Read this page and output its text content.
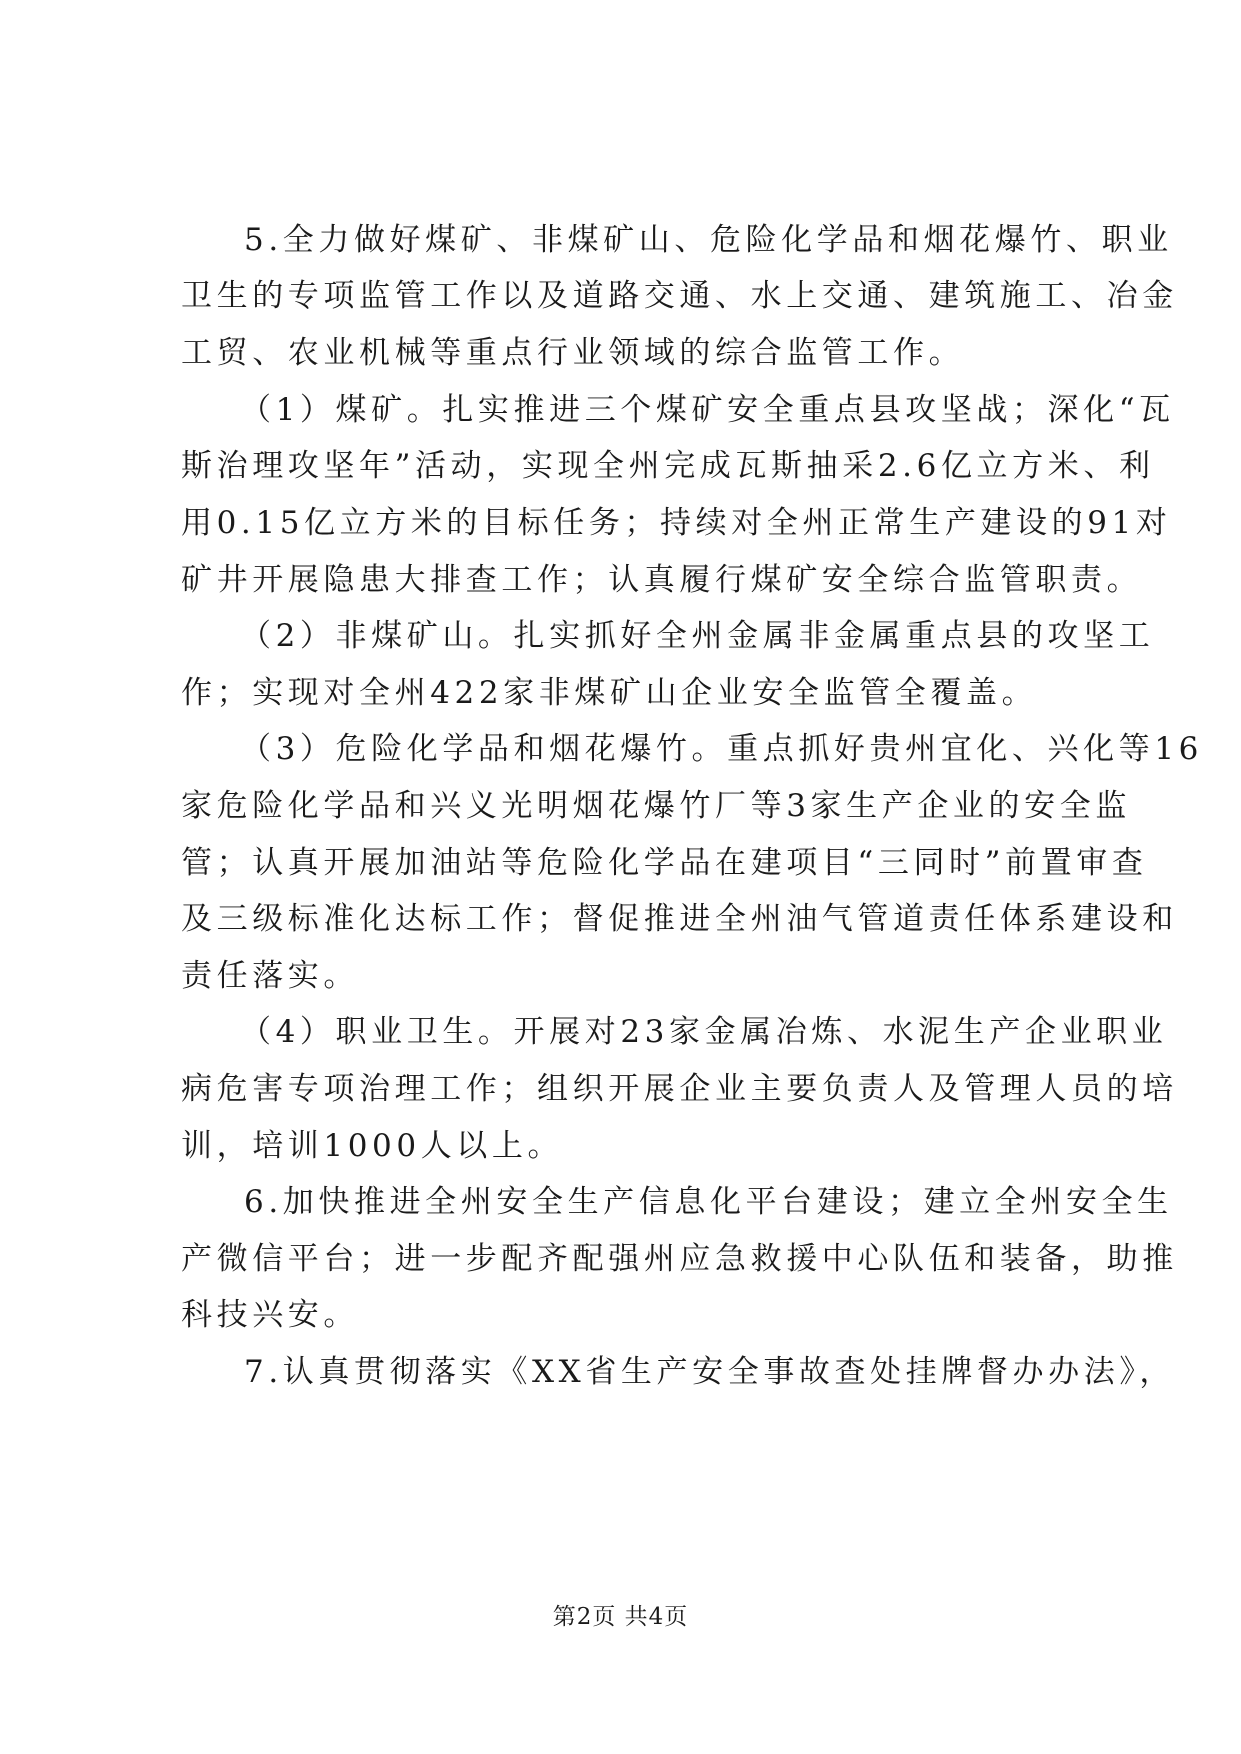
5.全力做好煤矿、非煤矿山、危险化学品和烟花爆竹、职业
卫生的专项监管工作以及道路交通、水上交通、建筑施工、冶金
工贸、农业机械等重点行业领域的综合监管工作。
（1）煤矿。扎实推进三个煤矿安全重点县攻坚战；深化“瓦
斯治理攻坚年”活动，实现全州完成瓦斯抽采2.6亿立方米、利
用0.15亿立方米的目标任务；持续对全州正常生产建设的91对
矿井开展隐患大排查工作；认真履行煤矿安全综合监管职责。
（2）非煤矿山。扎实抓好全州金属非金属重点县的攻坚工
作；实现对全州422家非煤矿山企业安全监管全覆盖。
（3）危险化学品和烟花爆竹。重点抓好贵州宜化、兴化等16
家危险化学品和兴义光明烟花爆竹厂等3家生产企业的安全监
管；认真开展加油站等危险化学品在建项目“三同时”前置审查
及三级标准化达标工作；督促推进全州油气管道责任体系建设和
责任落实。
（4）职业卫生。开展对23家金属冶炼、水泥生产企业职业
病危害专项治理工作；组织开展企业主要负责人及管理人员的培
训，培训1000人以上。
6.加快推进全州安全生产信息化平台建设；建立全州安全生
产微信平台；进一步配齐配强州应急救援中心队伍和装备，助推
科技兴安。
7.认真贯彻落实《XX省生产安全事故查处挂牌督办办法》，
第2页 共4页
